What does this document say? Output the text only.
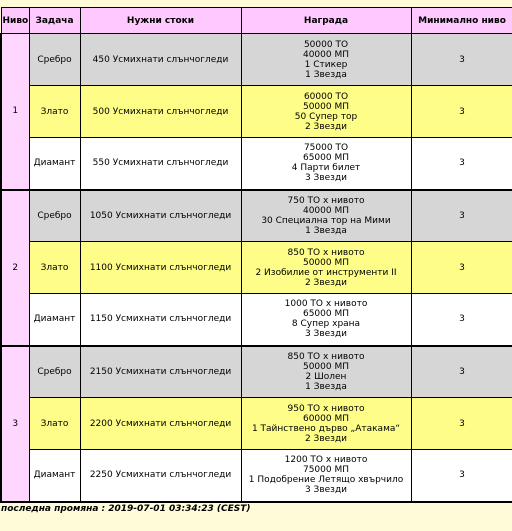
Ниво	Задача	Нужни стоки	Награда	Минимално ниво
1	Сребро	450 Усмихнати слънчогледи	50000 ТО
40000 МП
1 Стикер
1 Звезда	3
	Злато	500 Усмихнати слънчогледи	60000 ТО
50000 МП
50 Супер тор
2 Звезди	3
	Диамант	550 Усмихнати слънчогледи	75000 ТО
65000 МП
4 Парти билет
3 Звезди	3
2	Сребро	1050 Усмихнати слънчогледи	750 ТО x нивото
40000 МП
30 Специална тор на Мими
1 Звезда	3
	Злато	1100 Усмихнати слънчогледи	850 ТО x нивото
50000 МП
2 Изобилие от инструменти II
2 Звезди	3
	Диамант	1150 Усмихнати слънчогледи	1000 ТО x нивото
65000 МП
8 Супер храна
3 Звезди	3
3	Сребро	2150 Усмихнати слънчогледи	850 ТО x нивото
50000 МП
2 Шолен
1 Звезда	3
	Злато	2200 Усмихнати слънчогледи	950 ТО x нивото
60000 МП
1 Тайнствено дърво „Атакама“
2 Звезди	3
	Диамант	2250 Усмихнати слънчогледи	1200 ТО x нивото
75000 МП
1 Подобрение Летящо хвърчило
3 Звезди	3
последна промяна : 2019-07-01 03:34:23 (CEST)
